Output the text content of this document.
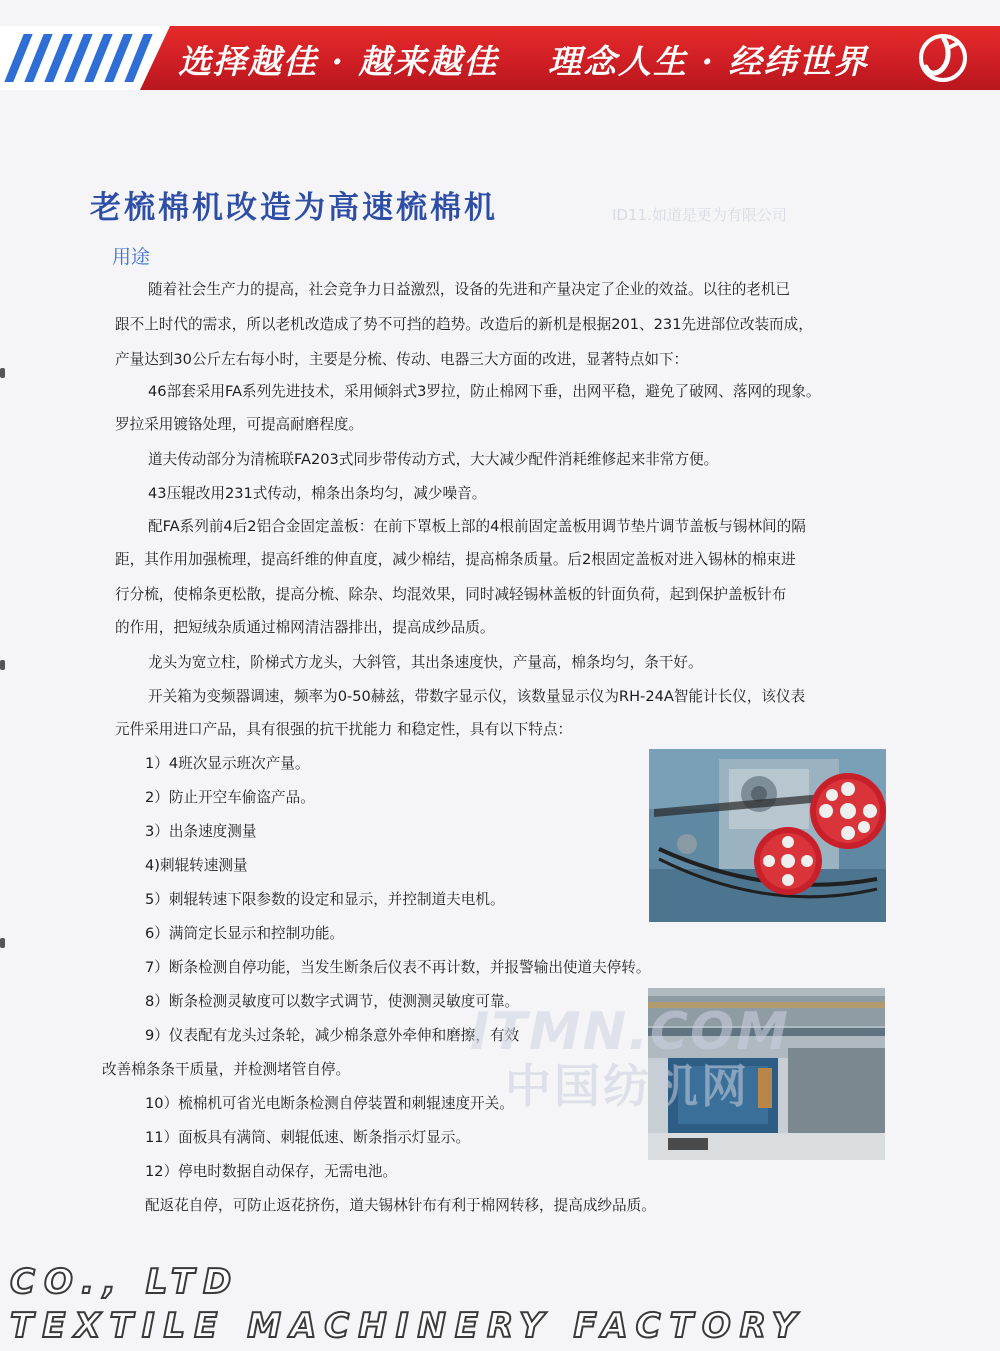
选择越佳 · 越来越佳 理念人生 · 经纬世界
老梳棉机改造为高速梳棉机	ID11.如道是更为有限公司
用途
随着社会生产力的提高，社会竞争力日益激烈，设备的先进和产量决定了企业的效益。以往的老机已
跟不上时代的需求，所以老机改造成了势不可挡的趋势。改造后的新机是根据201、231先进部位改装而成，
产量达到30公斤左右每小时，主要是分梳、传动、电器三大方面的改进，显著特点如下：
46部套采用FA系列先进技术，采用倾斜式3罗拉，防止棉网下垂，出网平稳，避免了破网、落网的现象。
罗拉采用镀铬处理，可提高耐磨程度。
道夫传动部分为清梳联FA203式同步带传动方式，大大减少配件消耗维修起来非常方便。
43压辊改用231式传动，棉条出条均匀，减少噪音。
配FA系列前4后2铝合金固定盖板：在前下罩板上部的4根前固定盖板用调节垫片调节盖板与锡林间的隔
距，其作用加强梳理，提高纤维的伸直度，减少棉结，提高棉条质量。后2根固定盖板对进入锡林的棉束进
行分梳，使棉条更松散，提高分梳、除杂、均混效果，同时减轻锡林盖板的针面负荷，起到保护盖板针布
的作用，把短绒杂质通过棉网清洁器排出，提高成纱品质。
龙头为宽立柱，阶梯式方龙头，大斜管，其出条速度快，产量高，棉条均匀，条干好。
开关箱为变频器调速，频率为0-50赫兹，带数字显示仪，该数量显示仪为RH-24A智能计长仪，该仪表
元件采用进口产品，具有很强的抗干扰能力 和稳定性，具有以下特点：
1）4班次显示班次产量。
2）防止开空车偷盗产品。
3）出条速度测量
4)刺辊转速测量
5）刺辊转速下限参数的设定和显示，并控制道夫电机。
6）满筒定长显示和控制功能。
7）断条检测自停功能，当发生断条后仪表不再计数，并报警输出使道夫停转。
8）断条检测灵敏度可以数字式调节，使测测灵敏度可靠。
9）仪表配有龙头过条轮，减少棉条意外牵伸和磨擦，有效
改善棉条条干质量，并检测堵管自停。
10）梳棉机可省光电断条检测自停装置和刺辊速度开关。
11）面板具有满筒、刺辊低速、断条指示灯显示。
12）停电时数据自动保存，无需电池。
配返花自停，可防止返花挤伤，道夫锡林针布有利于棉网转移，提高成纱品质。
ITMN.COM
中国纺机网
CO., LTD
TEXTILE MACHINERY FACTORY
